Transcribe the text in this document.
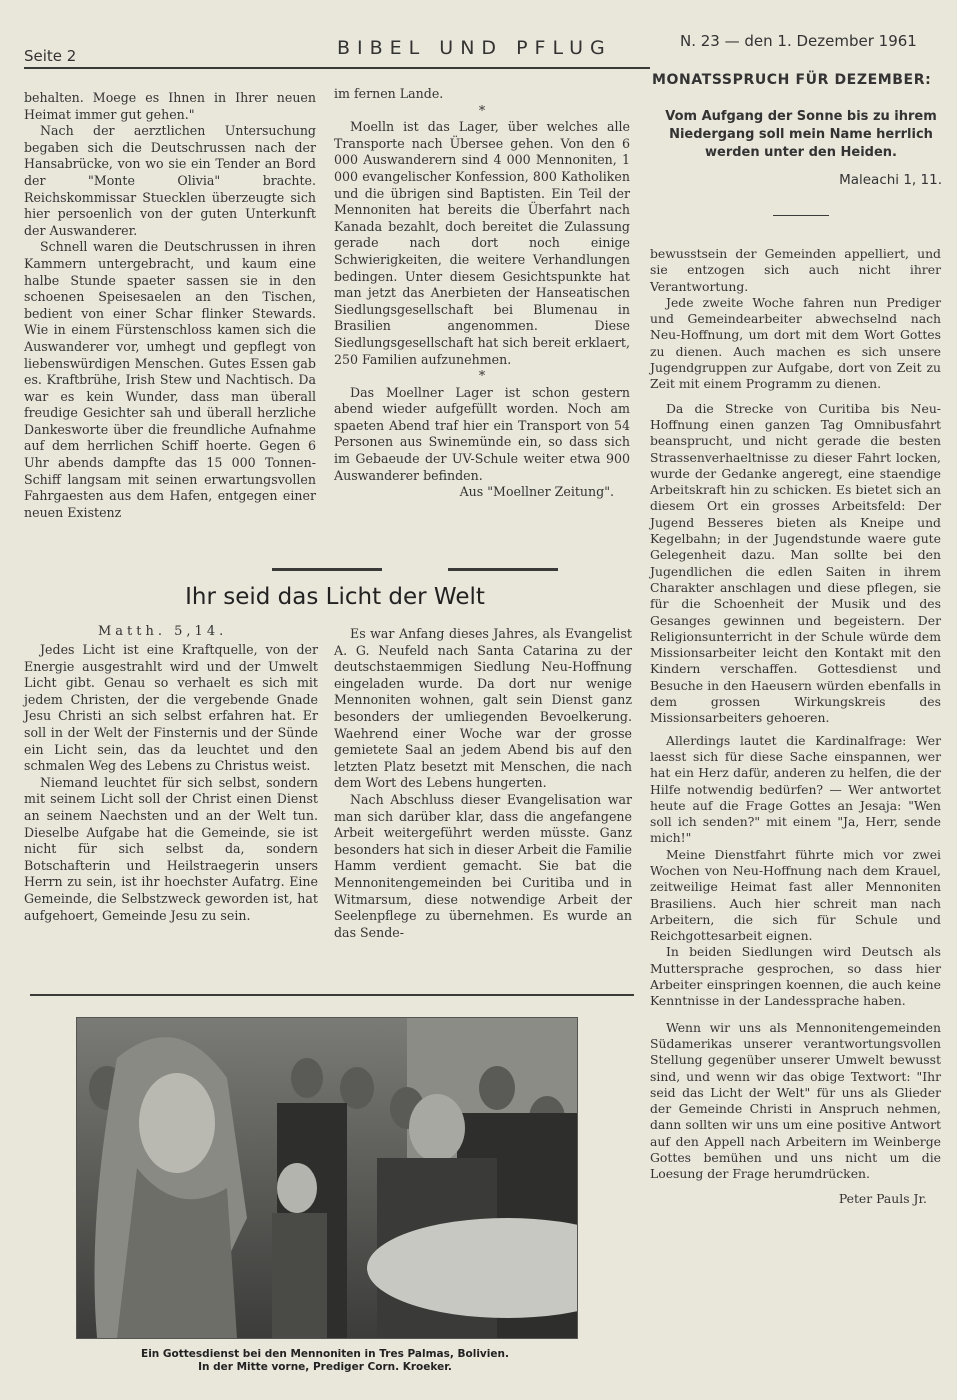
Seite 2	BIBEL UND PFLUG	N. 23 — den 1. Dezember 1961

behalten. Moege es Ihnen in Ihrer neuen Heimat immer gut gehen."

Nach der aerztlichen Untersuchung begaben sich die Deutschrussen nach der Hansabrücke, von wo sie ein Tender an Bord der "Monte Olivia" brachte. Reichskommissar Stuecklen überzeugte sich hier persoenlich von der guten Unterkunft der Auswanderer.

Schnell waren die Deutschrussen in ihren Kammern untergebracht, und kaum eine halbe Stunde spaeter sassen sie in den schoenen Speisesaelen an den Tischen, bedient von einer Schar flinker Stewards. Wie in einem Fürstenschloss kamen sich die Auswanderer vor, umhegt und gepflegt von liebenswürdigen Menschen. Gutes Essen gab es. Kraftbrühe, Irish Stew und Nachtisch. Da war es kein Wunder, dass man überall freudige Gesichter sah und überall herzliche Dankesworte über die freundliche Aufnahme auf dem herrlichen Schiff hoerte. Gegen 6 Uhr abends dampfte das 15 000 Tonnen-Schiff langsam mit seinen erwartungsvollen Fahrgaesten aus dem Hafen, entgegen einer neuen Existenz

im fernen Lande.

*

Moelln ist das Lager, über welches alle Transporte nach Übersee gehen. Von den 6 000 Auswanderern sind 4 000 Mennoniten, 1 000 evangelischer Konfession, 800 Katholiken und die übrigen sind Baptisten. Ein Teil der Mennoniten hat bereits die Überfahrt nach Kanada bezahlt, doch bereitet die Zulassung gerade nach dort noch einige Schwierigkeiten, die weitere Verhandlungen bedingen. Unter diesem Gesichtspunkte hat man jetzt das Anerbieten der Hanseatischen Siedlungsgesellschaft bei Blumenau in Brasilien angenommen. Diese Siedlungsgesellschaft hat sich bereit erklaert, 250 Familien aufzunehmen.

*

Das Moellner Lager ist schon gestern abend wieder aufgefüllt worden. Noch am spaeten Abend traf hier ein Transport von 54 Personen aus Swinemünde ein, so dass sich im Gebaeude der UV-Schule weiter etwa 900 Auswanderer befinden.

Aus "Moellner Zeitung".

MONATSSPRUCH FÜR DEZEMBER:
Vom Aufgang der Sonne bis zu ihrem Niedergang soll mein Name herrlich werden unter den Heiden.
Maleachi 1, 11.
Ihr seid das Licht der Welt
Matth. 5,14.

Jedes Licht ist eine Kraftquelle, von der Energie ausgestrahlt wird und der Umwelt Licht gibt. Genau so verhaelt es sich mit jedem Christen, der die vergebende Gnade Jesu Christi an sich selbst erfahren hat. Er soll in der Welt der Finsternis und der Sünde ein Licht sein, das da leuchtet und den schmalen Weg des Lebens zu Christus weist.

Niemand leuchtet für sich selbst, sondern mit seinem Licht soll der Christ einen Dienst an seinem Naechsten und an der Welt tun. Dieselbe Aufgabe hat die Gemeinde, sie ist nicht für sich selbst da, sondern Botschafterin und Heilstraegerin unsers Herrn zu sein, ist ihr hoechster Aufatrg. Eine Gemeinde, die Selbstzweck geworden ist, hat aufgehoert, Gemeinde Jesu zu sein.

Es war Anfang dieses Jahres, als Evangelist A. G. Neufeld nach Santa Catarina zu der deutschstaemmigen Siedlung Neu-Hoffnung eingeladen wurde. Da dort nur wenige Mennoniten wohnen, galt sein Dienst ganz besonders der umliegenden Bevoelkerung. Waehrend einer Woche war der grosse gemietete Saal an jedem Abend bis auf den letzten Platz besetzt mit Menschen, die nach dem Wort des Lebens hungerten.

Nach Abschluss dieser Evangelisation war man sich darüber klar, dass die angefangene Arbeit weitergeführt werden müsste. Ganz besonders hat sich in dieser Arbeit die Familie Hamm verdient gemacht. Sie bat die Mennonitengemeinden bei Curitiba und in Witmarsum, diese notwendige Arbeit der Seelenpflege zu übernehmen. Es wurde an das Sende-

bewusstsein der Gemeinden appelliert, und sie entzogen sich auch nicht ihrer Verantwortung.

Jede zweite Woche fahren nun Prediger und Gemeindearbeiter abwechselnd nach Neu-Hoffnung, um dort mit dem Wort Gottes zu dienen. Auch machen es sich unsere Jugendgruppen zur Aufgabe, dort von Zeit zu Zeit mit einem Programm zu dienen.

Da die Strecke von Curitiba bis Neu-Hoffnung einen ganzen Tag Omnibusfahrt beansprucht, und nicht gerade die besten Strassenverhaeltnisse zu dieser Fahrt locken, wurde der Gedanke angeregt, eine staendige Arbeitskraft hin zu schicken. Es bietet sich an diesem Ort ein grosses Arbeitsfeld: Der Jugend Besseres bieten als Kneipe und Kegelbahn; in der Jugendstunde waere gute Gelegenheit dazu. Man sollte bei den Jugendlichen die edlen Saiten in ihrem Charakter anschlagen und diese pflegen, sie für die Schoenheit der Musik und des Gesanges gewinnen und begeistern. Der Religionsunterricht in der Schule würde dem Missionsarbeiter leicht den Kontakt mit den Kindern verschaffen. Gottesdienst und Besuche in den Haeusern würden ebenfalls in dem grossen Wirkungskreis des Missionsarbeiters gehoeren.

Allerdings lautet die Kardinalfrage: Wer laesst sich für diese Sache einspannen, wer hat ein Herz dafür, anderen zu helfen, die der Hilfe notwendig bedürfen? — Wer antwortet heute auf die Frage Gottes an Jesaja: "Wen soll ich senden?" mit einem "Ja, Herr, sende mich!"

Meine Dienstfahrt führte mich vor zwei Wochen von Neu-Hoffnung nach dem Krauel, zeitweilige Heimat fast aller Mennoniten Brasiliens. Auch hier schreit man nach Arbeitern, die sich für Schule und Reichgottesarbeit eignen.

In beiden Siedlungen wird Deutsch als Muttersprache gesprochen, so dass hier Arbeiter einspringen koennen, die auch keine Kenntnisse in der Landessprache haben.

Wenn wir uns als Mennonitengemeinden Südamerikas unserer verantwortungsvollen Stellung gegenüber unserer Umwelt bewusst sind, und wenn wir das obige Textwort: "Ihr seid das Licht der Welt" für uns als Glieder der Gemeinde Christi in Anspruch nehmen, dann sollten wir uns um eine positive Antwort auf den Appell nach Arbeitern im Weinberge Gottes bemühen und uns nicht um die Loesung der Frage herumdrücken.

Peter Pauls Jr.

Ein Gottesdienst bei den Mennoniten in Tres Palmas, Bolivien.
In der Mitte vorne, Prediger Corn. Kroeker.
